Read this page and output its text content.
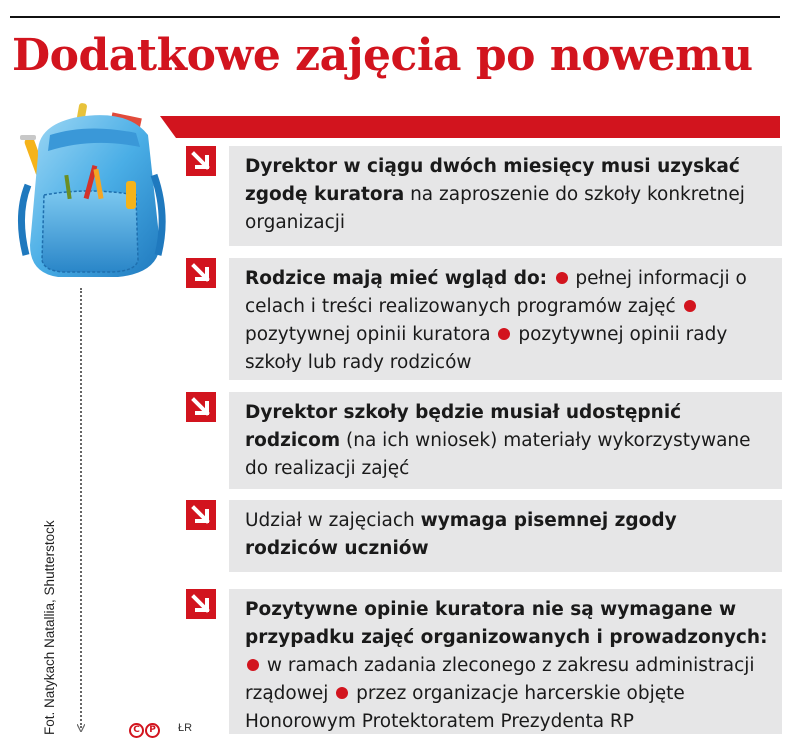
Dodatkowe zajęcia po nowemu
Fot. Natykach Natallia, Shutterstock
Dyrektor w ciągu dwóch miesięcy musi uzyskać zgodę kuratora na zaproszenie do szkoły konkretnej organizacji
Rodzice mają mieć wgląd do:  pełnej informacji o celach i treści realizowanych programów zajęć  pozytywnej opinii kuratora  pozytywnej opinii rady szkoły lub rady rodziców
Dyrektor szkoły będzie musiał udostępnić rodzicom (na ich wniosek) materiały wykorzystywane do realizacji zajęć
Udział w zajęciach wymaga pisemnej zgody rodziców uczniów
Pozytywne opinie kuratora nie są wymagane w przypadku zajęć organizowanych i prowadzonych:  w ramach zadania zleconego z zakresu administracji rządowej  przez organizacje harcerskie objęte Honorowym Protektoratem Prezydenta RP
C P	ŁR
